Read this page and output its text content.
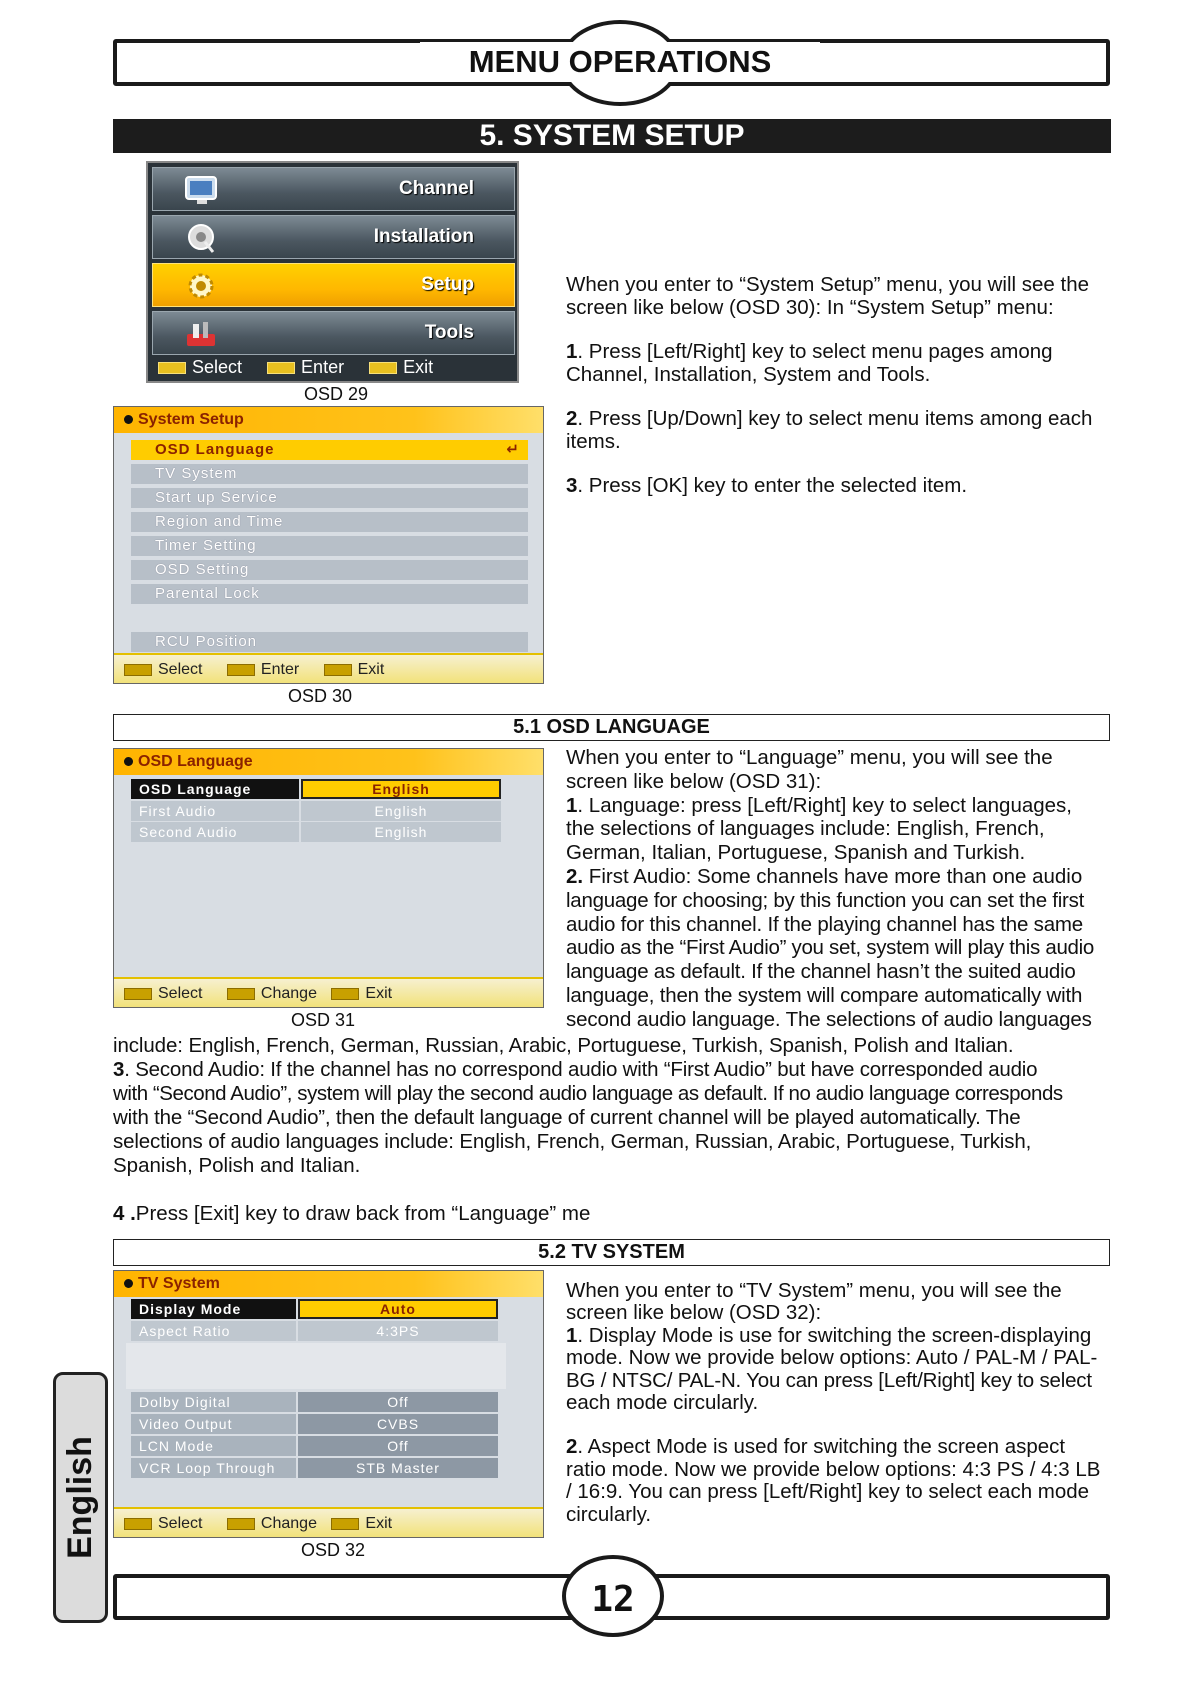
MENU OPERATIONS
5. SYSTEM SETUP
Channel
Installation
Setup
Tools
Select	Enter	Exit
OSD 29
System Setup
OSD Language	↵
TV System
Start up Service
Region and Time
Timer Setting
OSD Setting
Parental Lock
RCU Position
Select	Enter	Exit
OSD 30

When you enter to “System Setup” menu, you will see the screen like below (OSD 30): In “System Setup” menu:

1. Press [Left/Right] key to select menu pages among Channel, Installation, System and Tools.

2. Press [Up/Down] key to select menu items among each items.

3. Press [OK] key to enter the selected item.

5.1 OSD LANGUAGE
OSD Language
OSD Language	English
First Audio	English
Second Audio	English
Select	Change	Exit
OSD 31

When you enter to “Language” menu, you will see the

screen like below (OSD 31):

1. Language: press [Left/Right] key to select languages,

the selections of languages include: English, French,

German, Italian, Portuguese, Spanish and Turkish.

2. First Audio: Some channels have more than one audio

language for choosing; by this function you can set the first

audio for this channel. If the playing channel has the same

audio as the “First Audio” you set, system will play this audio

language as default. If the channel hasn’t the suited audio

language, then the system will compare automatically with

second audio language. The selections of audio languages

include: English, French, German, Russian, Arabic, Portuguese, Turkish, Spanish, Polish and Italian.

3. Second Audio: If the channel has no correspond audio with “First Audio” but have corresponded audio

with “Second Audio”, system will play the second audio language as default. If no audio language corresponds

with the “Second Audio”, then the default language of current channel will be played automatically. The

selections of audio languages include: English, French, German, Russian, Arabic, Portuguese, Turkish,

Spanish, Polish and Italian.

4 .Press [Exit] key to draw back from “Language” me

5.2 TV SYSTEM
TV System
Display Mode	Auto
Aspect Ratio	4:3PS
Dolby Digital	Off
Video Output	CVBS
LCN Mode	Off
VCR Loop Through	STB Master
Select	Change	Exit
OSD 32

When you enter to “TV System” menu, you will see the

screen like below (OSD 32):

1. Display Mode is use for switching the screen-displaying

mode. Now we provide below options: Auto / PAL-M / PAL-

BG / NTSC/ PAL-N. You can press [Left/Right] key to select

each mode circularly.

2. Aspect Mode is used for switching the screen aspect

ratio mode. Now we provide below options: 4:3 PS / 4:3 LB

/ 16:9. You can press [Left/Right] key to select each mode

circularly.

English
12
